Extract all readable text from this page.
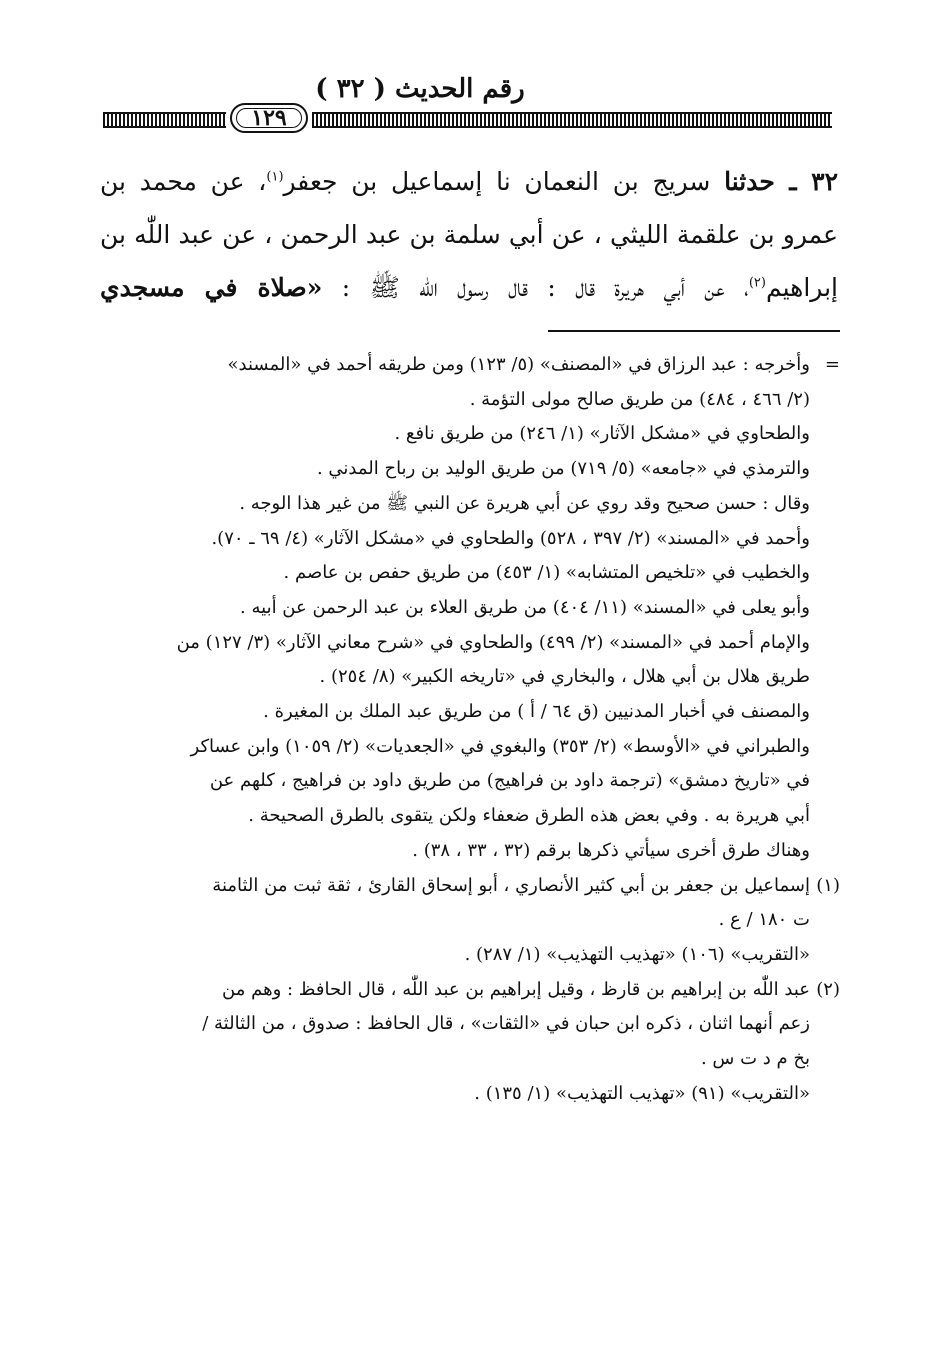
رقم الحديث ( ٣٢ )
١٢٩
٣٢ ـ حدثنا سريج بن النعمان نا إسماعيل بن جعفر$^{(١)}$، عن محمد بن
عمرو بن علقمة الليثي ، عن أبي سلمة بن عبد الرحمن ، عن عبد اللّٰه بن
إبراهيم$^{(٢)}$، عن أبي هريرة قال : قال رسول اللّٰه ﷺ : «صلاة في مسجدي
=وأخرجه : عبد الرزاق في «المصنف» (٥/ ١٢٣) ومن طريقه أحمد في «المسند»
(٢/ ٤٦٦ ، ٤٨٤) من طريق صالح مولى التؤمة .
والطحاوي في «مشكل الآثار» (١/ ٢٤٦) من طريق نافع .
والترمذي في «جامعه» (٥/ ٧١٩) من طريق الوليد بن رباح المدني .
وقال : حسن صحيح وقد روي عن أبي هريرة عن النبي ﷺ من غير هذا الوجه .
وأحمد في «المسند» (٢/ ٣٩٧ ، ٥٢٨) والطحاوي في «مشكل الآثار» (٤/ ٦٩ ـ ٧٠).
والخطيب في «تلخيص المتشابه» (١/ ٤٥٣) من طريق حفص بن عاصم .
وأبو يعلى في «المسند» (١١/ ٤٠٤) من طريق العلاء بن عبد الرحمن عن أبيه .
والإمام أحمد في «المسند» (٢/ ٤٩٩) والطحاوي في «شرح معاني الآثار» (٣/ ١٢٧) من
طريق هلال بن أبي هلال ، والبخاري في «تاريخه الكبير» (٨/ ٢٥٤) .
والمصنف في أخبار المدنيين (ق ٦٤ / أ ) من طريق عبد الملك بن المغيرة .
والطبراني في «الأوسط» (٢/ ٣٥٣) والبغوي في «الجعديات» (٢/ ١٠٥٩) وابن عساكر
في «تاريخ دمشق» (ترجمة داود بن فراهيج) من طريق داود بن فراهيج ، كلهم عن
أبي هريرة به . وفي بعض هذه الطرق ضعفاء ولكن يتقوى بالطرق الصحيحة .
وهناك طرق أخرى سيأتي ذكرها برقم (٣٢ ، ٣٣ ، ٣٨) .
(١)إسماعيل بن جعفر بن أبي كثير الأنصاري ، أبو إسحاق القارئ ، ثقة ثبت من الثامنة
ت ١٨٠ / ع .
«التقريب» (١٠٦) «تهذيب التهذيب» (١/ ٢٨٧) .
(٢)عبد اللّٰه بن إبراهيم بن قارظ ، وقيل إبراهيم بن عبد اللّٰه ، قال الحافظ : وهم من
زعم أنهما اثنان ، ذكره ابن حبان في «الثقات» ، قال الحافظ : صدوق ، من الثالثة /
بخ م د ت س .
«التقريب» (٩١) «تهذيب التهذيب» (١/ ١٣٥) .
